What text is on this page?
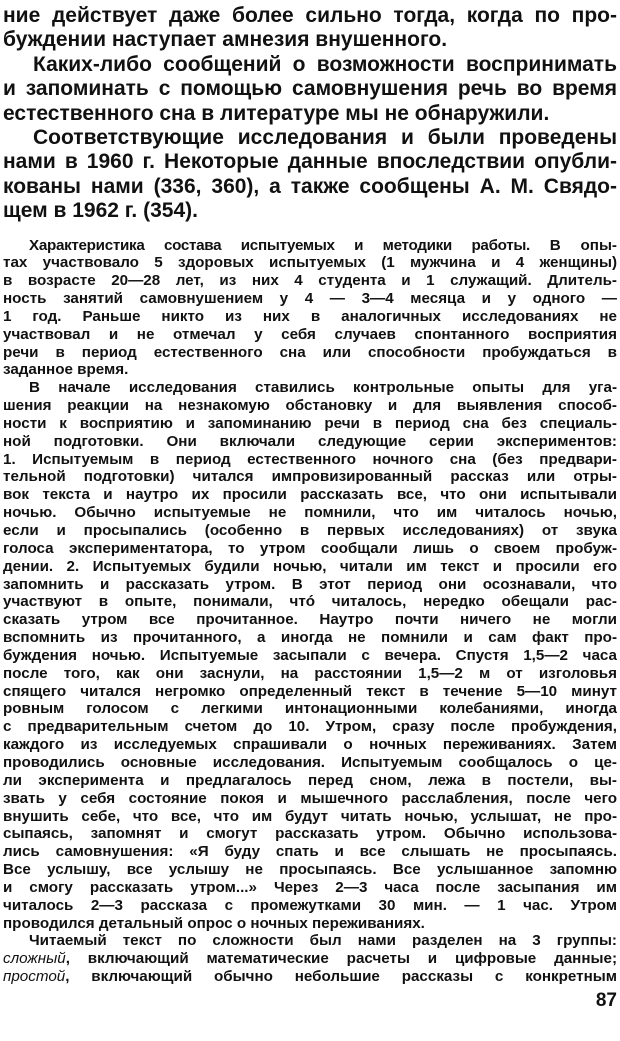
ние действует даже более сильно тогда, когда по про-
буждении наступает амнезия внушенного.
Каких-либо сообщений о возможности воспринимать
и запоминать с помощью самовнушения речь во время
естественного сна в литературе мы не обнаружили.
Соответствующие исследования и были проведены
нами в 1960 г. Некоторые данные впоследствии опубли-
кованы нами (336, 360), а также сообщены А. М. Свядо-
щем в 1962 г. (354).
Характеристика состава испытуемых и методики работы. В опы-
тах участвовало 5 здоровых испытуемых (1 мужчина и 4 женщины)
в возрасте 20—28 лет, из них 4 студента и 1 служащий. Длитель-
ность занятий самовнушением у 4 — 3—4 месяца и у одного —
1 год. Раньше никто из них в аналогичных исследованиях не
участвовал и не отмечал у себя случаев спонтанного восприятия
речи в период естественного сна или способности пробуждаться в
заданное время.
В начале исследования ставились контрольные опыты для уга-
шения реакции на незнакомую обстановку и для выявления способ-
ности к восприятию и запоминанию речи в период сна без специаль-
ной подготовки. Они включали следующие серии экспериментов:
1. Испытуемым в период естественного ночного сна (без предвари-
тельной подготовки) читался импровизированный рассказ или отры-
вок текста и наутро их просили рассказать все, что они испытывали
ночью. Обычно испытуемые не помнили, что им читалось ночью,
если и просыпались (особенно в первых исследованиях) от звука
голоса экспериментатора, то утром сообщали лишь о своем пробуж-
дении. 2. Испытуемых будили ночью, читали им текст и просили его
запомнить и рассказать утром. В этот период они осознавали, что
участвуют в опыте, понимали, чтó читалось, нередко обещали рас-
сказать утром все прочитанное. Наутро почти ничего не могли
вспомнить из прочитанного, а иногда не помнили и сам факт про-
буждения ночью. Испытуемые засыпали с вечера. Спустя 1,5—2 часа
после того, как они заснули, на расстоянии 1,5—2 м от изголовья
спящего читался негромко определенный текст в течение 5—10 минут
ровным голосом с легкими интонационными колебаниями, иногда
с предварительным счетом до 10. Утром, сразу после пробуждения,
каждого из исследуемых спрашивали о ночных переживаниях. Затем
проводились основные исследования. Испытуемым сообщалось о це-
ли эксперимента и предлагалось перед сном, лежа в постели, вы-
звать у себя состояние покоя и мышечного расслабления, после чего
внушить себе, что все, что им будут читать ночью, услышат, не про-
сыпаясь, запомнят и смогут рассказать утром. Обычно использова-
лись самовнушения: «Я буду спать и все слышать не просыпаясь.
Все услышу, все услышу не просыпаясь. Все услышанное запомню
и смогу рассказать утром...» Через 2—3 часа после засыпания им
читалось 2—3 рассказа с промежутками 30 мин. — 1 час. Утром
проводился детальный опрос о ночных переживаниях.
Читаемый текст по сложности был нами разделен на 3 группы:
сложный, включающий математические расчеты и цифровые данные;
простой, включающий обычно небольшие рассказы с конкретным
87
